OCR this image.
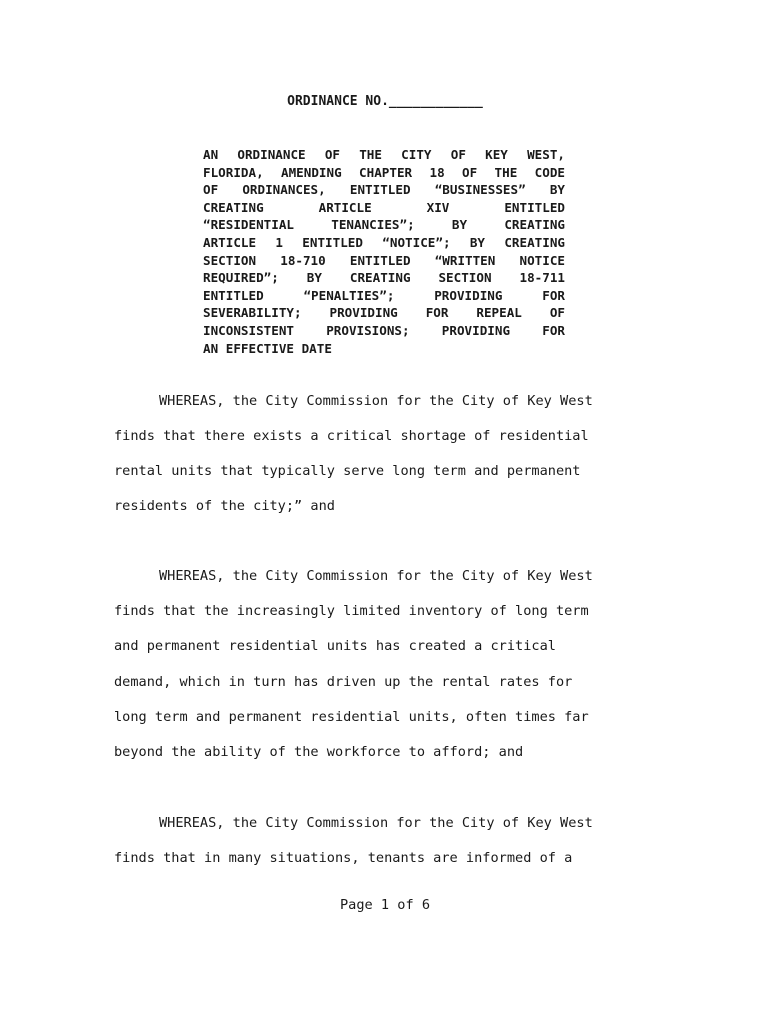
ORDINANCE NO.____________
AN ORDINANCE OF THE CITY OF KEY WEST,
FLORIDA, AMENDING CHAPTER 18 OF THE CODE
OF ORDINANCES, ENTITLED “BUSINESSES” BY
CREATING ARTICLE XIV ENTITLED
“RESIDENTIAL TENANCIES”; BY CREATING
ARTICLE 1 ENTITLED “NOTICE”; BY CREATING
SECTION 18-710 ENTITLED “WRITTEN NOTICE
REQUIRED”; BY CREATING SECTION 18-711
ENTITLED “PENALTIES”; PROVIDING FOR
SEVERABILITY; PROVIDING FOR REPEAL OF
INCONSISTENT PROVISIONS; PROVIDING FOR
AN EFFECTIVE DATE
WHEREAS, the City Commission for the City of Key West
finds that there exists a critical shortage of residential
rental units that typically serve long term and permanent
residents of the city;” and
WHEREAS, the City Commission for the City of Key West
finds that the increasingly limited inventory of long term
and permanent residential units has created a critical
demand, which in turn has driven up the rental rates for
long term and permanent residential units, often times far
beyond the ability of the workforce to afford; and
WHEREAS, the City Commission for the City of Key West
finds that in many situations, tenants are informed of a
Page 1 of 6
